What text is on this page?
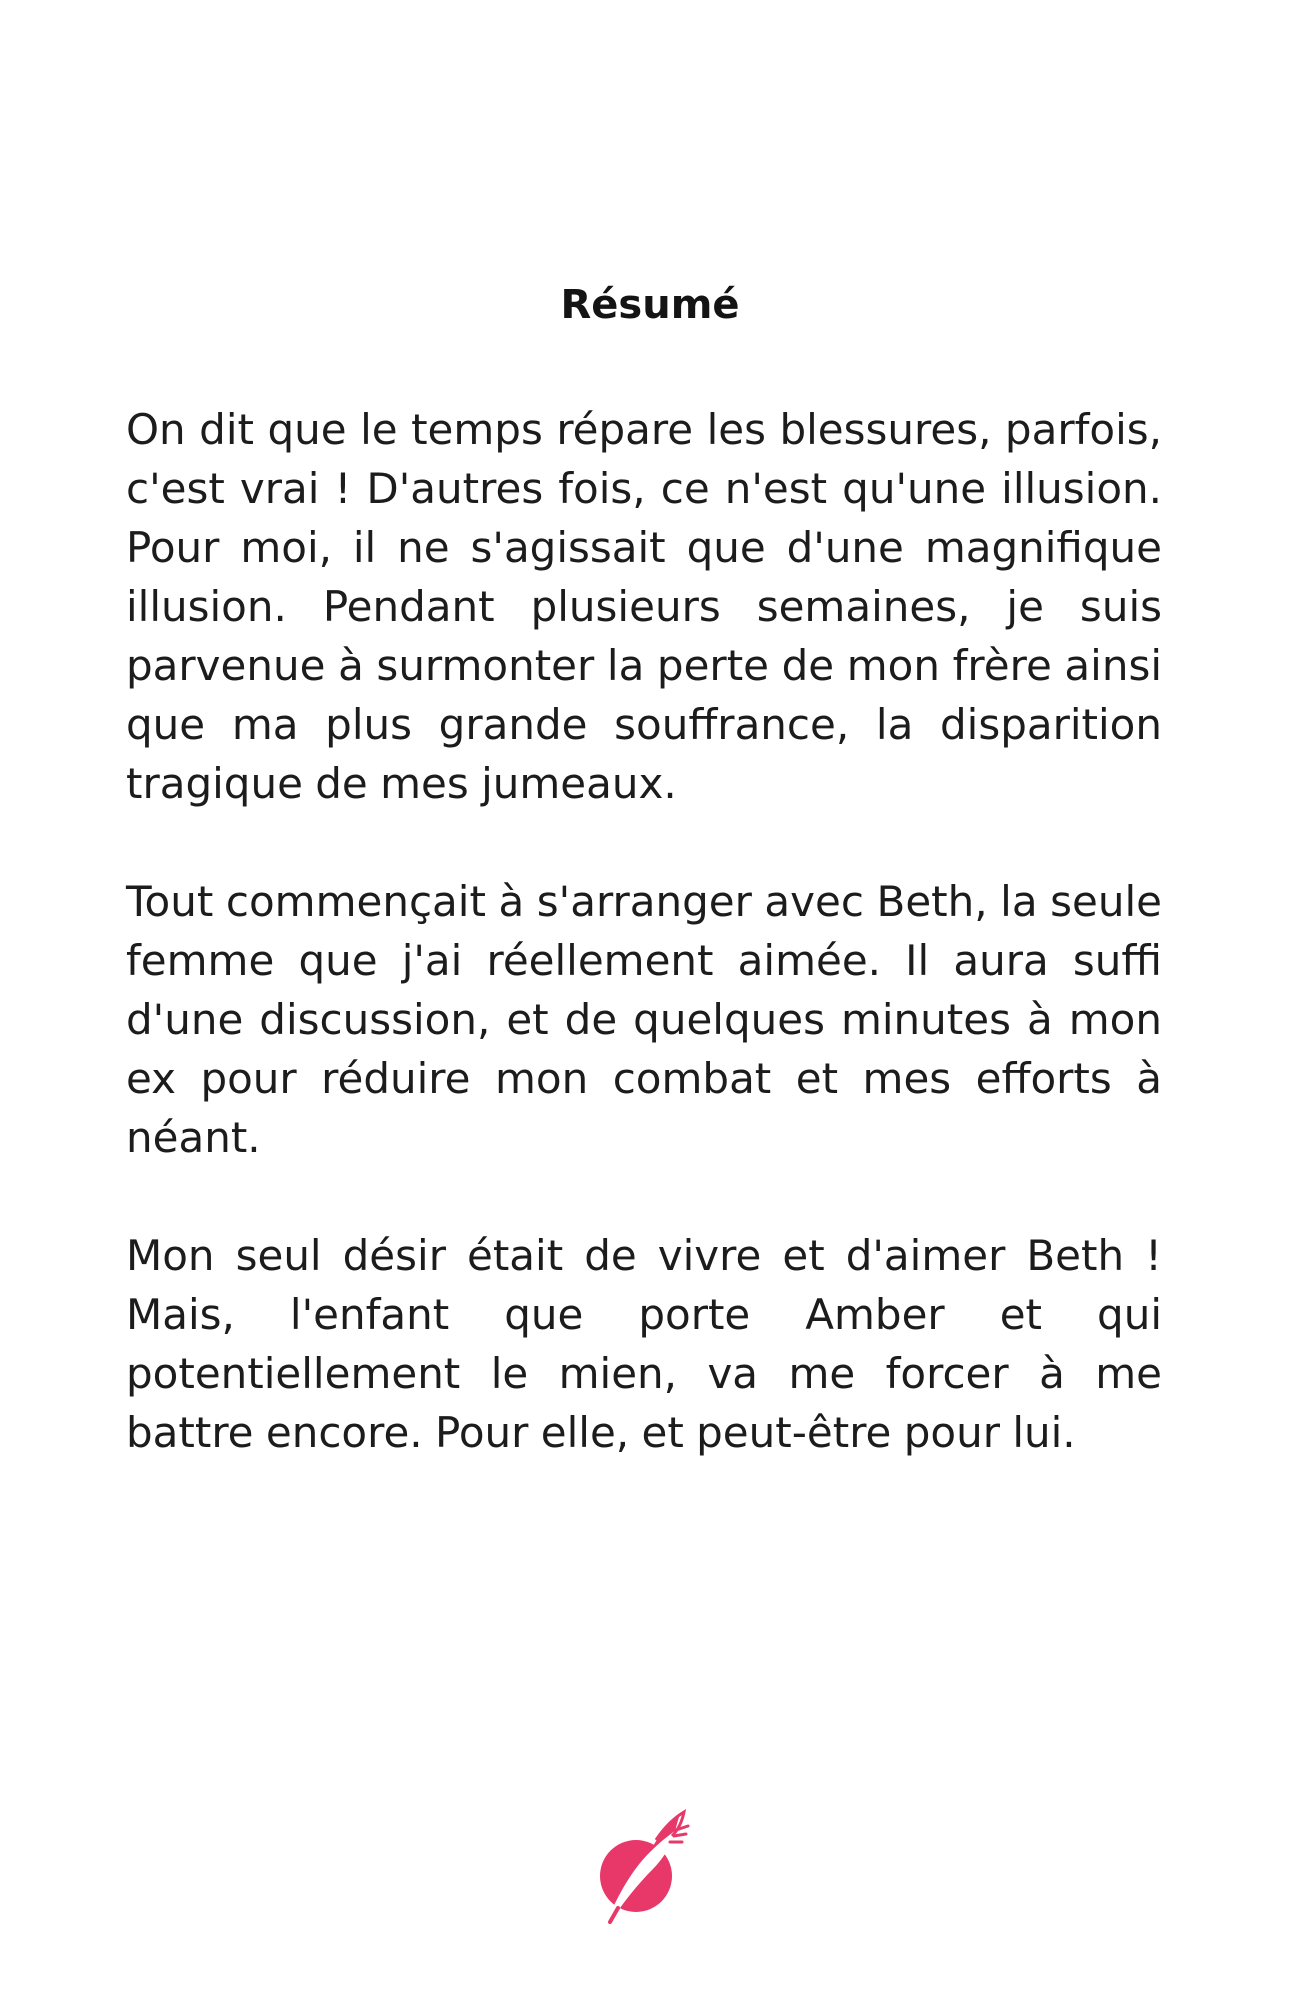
Résumé

On dit que le temps répare les blessures, parfois, c'est vrai ! D'autres fois, ce n'est qu'une illusion. Pour moi, il ne s'agissait que d'une magnifique illusion. Pendant plusieurs semaines, je suis parvenue à surmonter la perte de mon frère ainsi que ma plus grande souffrance, la disparition tragique de mes jumeaux.

Tout commençait à s'arranger avec Beth, la seule femme que j'ai réellement aimée. Il aura suffi d'une discussion, et de quelques minutes à mon ex pour réduire mon combat et mes efforts à néant.

Mon seul désir était de vivre et d'aimer Beth ! Mais, l'enfant que porte Amber et qui potentiellement le mien, va me forcer à me battre encore. Pour elle, et peut-être pour lui.
